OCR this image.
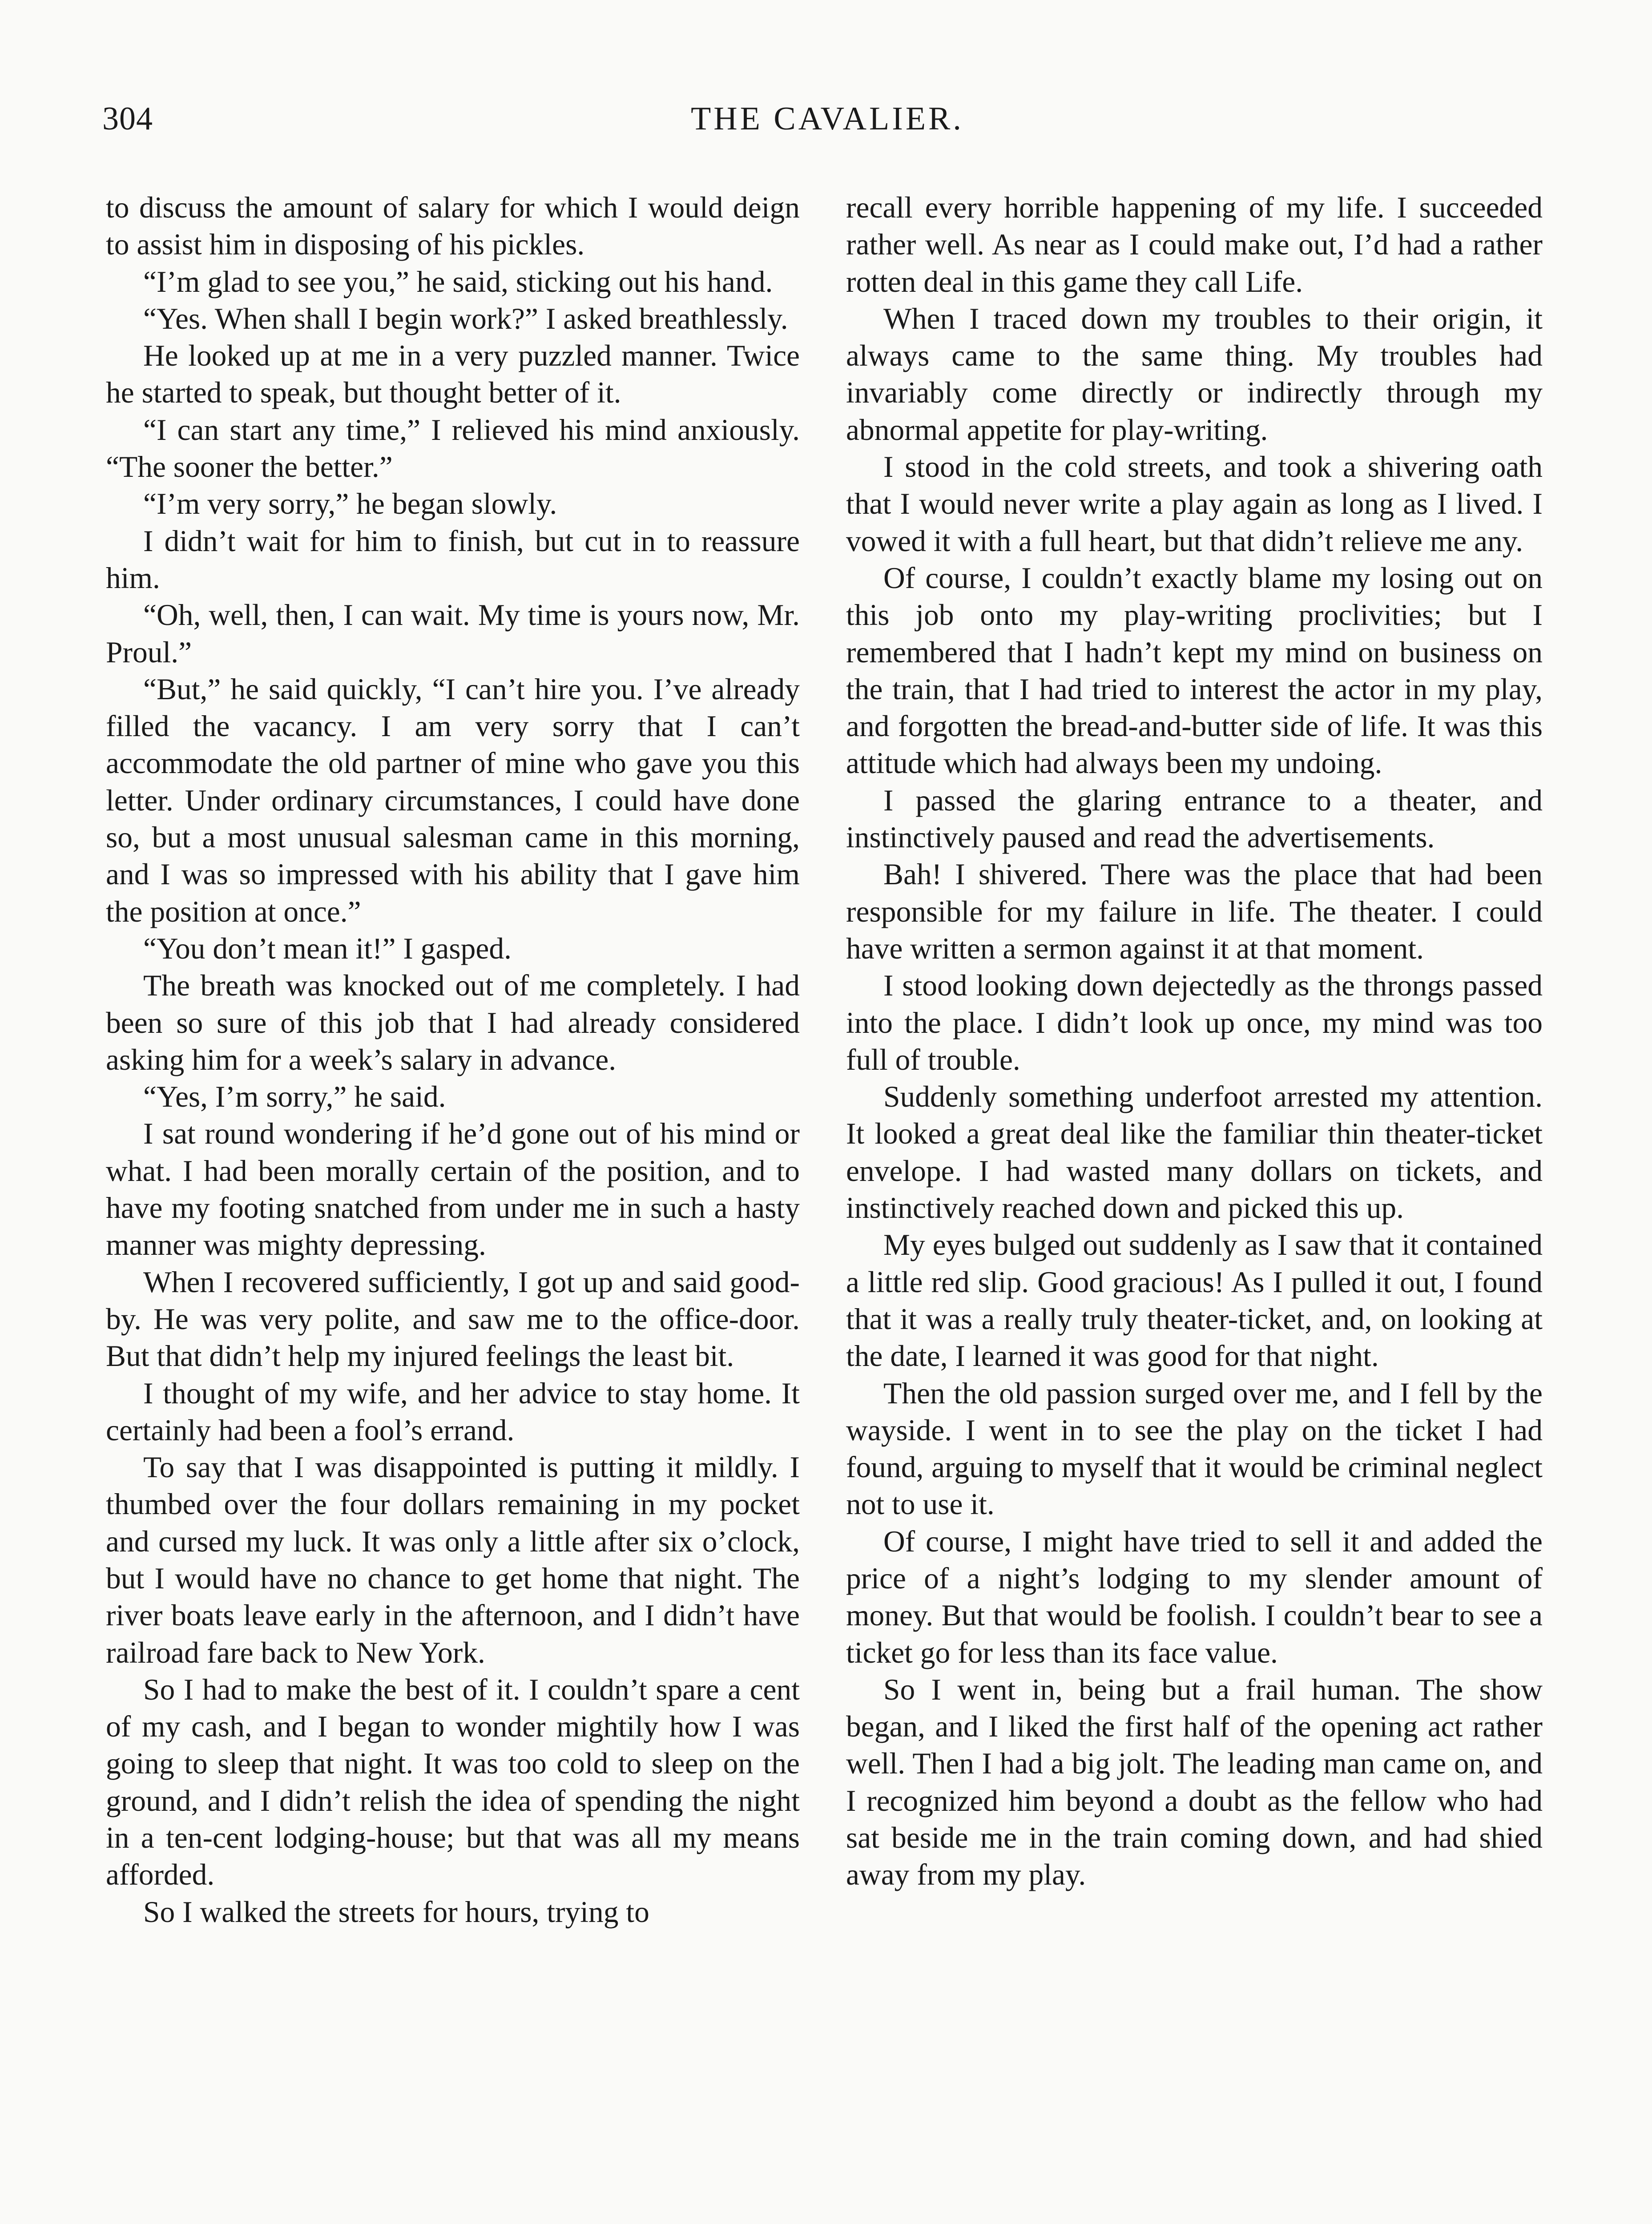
304	THE CAVALIER.

to discuss the amount of salary for which I would deign to assist him in disposing of his pickles.

“I’m glad to see you,” he said, sticking out his hand.

“Yes. When shall I begin work?” I asked breathlessly.

He looked up at me in a very puzzled manner. Twice he started to speak, but thought better of it.

“I can start any time,” I relieved his mind anxiously. “The sooner the better.”

“I’m very sorry,” he began slowly.

I didn’t wait for him to finish, but cut in to reassure him.

“Oh, well, then, I can wait. My time is yours now, Mr. Proul.”

“But,” he said quickly, “I can’t hire you. I’ve already filled the vacancy. I am very sorry that I can’t accommodate the old partner of mine who gave you this letter. Under ordinary circumstances, I could have done so, but a most unusual salesman came in this morning, and I was so impressed with his ability that I gave him the position at once.”

“You don’t mean it!” I gasped.

The breath was knocked out of me completely. I had been so sure of this job that I had already considered asking him for a week’s salary in advance.

“Yes, I’m sorry,” he said.

I sat round wondering if he’d gone out of his mind or what. I had been morally certain of the position, and to have my footing snatched from under me in such a hasty manner was mighty depressing.

When I recovered sufficiently, I got up and said good-by. He was very polite, and saw me to the office-door. But that didn’t help my injured feelings the least bit.

I thought of my wife, and her advice to stay home. It certainly had been a fool’s errand.

To say that I was disappointed is putting it mildly. I thumbed over the four dollars remaining in my pocket and cursed my luck. It was only a little after six o’clock, but I would have no chance to get home that night. The river boats leave early in the afternoon, and I didn’t have railroad fare back to New York.

So I had to make the best of it. I couldn’t spare a cent of my cash, and I began to wonder mightily how I was going to sleep that night. It was too cold to sleep on the ground, and I didn’t relish the idea of spending the night in a ten-cent lodging-house; but that was all my means afforded.

So I walked the streets for hours, trying to

recall every horrible happening of my life. I succeeded rather well. As near as I could make out, I’d had a rather rotten deal in this game they call Life.

When I traced down my troubles to their origin, it always came to the same thing. My troubles had invariably come directly or indirectly through my abnormal appetite for play-writing.

I stood in the cold streets, and took a shivering oath that I would never write a play again as long as I lived. I vowed it with a full heart, but that didn’t relieve me any.

Of course, I couldn’t exactly blame my losing out on this job onto my play-writing proclivities; but I remembered that I hadn’t kept my mind on business on the train, that I had tried to interest the actor in my play, and forgotten the bread-and-butter side of life. It was this attitude which had always been my undoing.

I passed the glaring entrance to a theater, and instinctively paused and read the advertisements.

Bah! I shivered. There was the place that had been responsible for my failure in life. The theater. I could have written a sermon against it at that moment.

I stood looking down dejectedly as the throngs passed into the place. I didn’t look up once, my mind was too full of trouble.

Suddenly something underfoot arrested my attention. It looked a great deal like the familiar thin theater-ticket envelope. I had wasted many dollars on tickets, and instinctively reached down and picked this up.

My eyes bulged out suddenly as I saw that it contained a little red slip. Good gracious! As I pulled it out, I found that it was a really truly theater-ticket, and, on looking at the date, I learned it was good for that night.

Then the old passion surged over me, and I fell by the wayside. I went in to see the play on the ticket I had found, arguing to myself that it would be criminal neglect not to use it.

Of course, I might have tried to sell it and added the price of a night’s lodging to my slender amount of money. But that would be foolish. I couldn’t bear to see a ticket go for less than its face value.

So I went in, being but a frail human. The show began, and I liked the first half of the opening act rather well. Then I had a big jolt. The leading man came on, and I recognized him beyond a doubt as the fellow who had sat beside me in the train coming down, and had shied away from my play.
